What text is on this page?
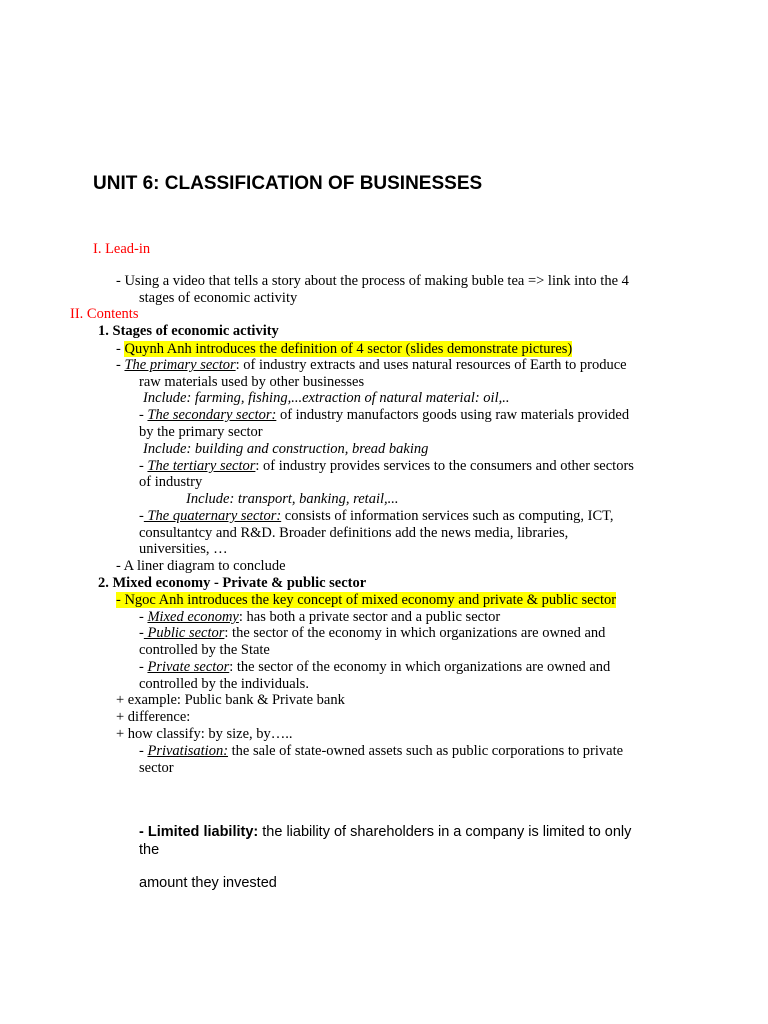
UNIT 6: CLASSIFICATION OF BUSINESSES
I. Lead-in
- Using a video that tells a story about the process of making buble tea => link into the 4
stages of economic activity
II. Contents
1. Stages of economic activity
- Quynh Anh introduces the definition of 4 sector (slides demonstrate pictures)
- The primary sector: of industry extracts and uses natural resources of Earth to produce
raw materials used by other businesses
Include: farming, fishing,...extraction of natural material: oil,..
- The secondary sector: of industry manufactors goods using raw materials provided
by the primary sector
Include: building and construction, bread baking
- The tertiary sector: of industry provides services to the consumers and other sectors
of industry
Include: transport, banking, retail,...
- The quaternary sector: consists of information services such as computing, ICT,
consultantcy and R&D. Broader definitions add the news media, libraries,
universities, …
- A liner diagram to conclude
2. Mixed economy - Private & public sector
- Ngoc Anh introduces the key concept of mixed economy and private & public sector
- Mixed economy: has both a private sector and a public sector
- Public sector: the sector of the economy in which organizations are owned and
controlled by the State
- Private sector: the sector of the economy in which organizations are owned and
controlled by the individuals.
+ example: Public bank & Private bank
+ difference:
+ how classify: by size, by…..
- Privatisation: the sale of state-owned assets such as public corporations to private
sector
- Limited liability: the liability of shareholders in a company is limited to only
the
amount they invested
